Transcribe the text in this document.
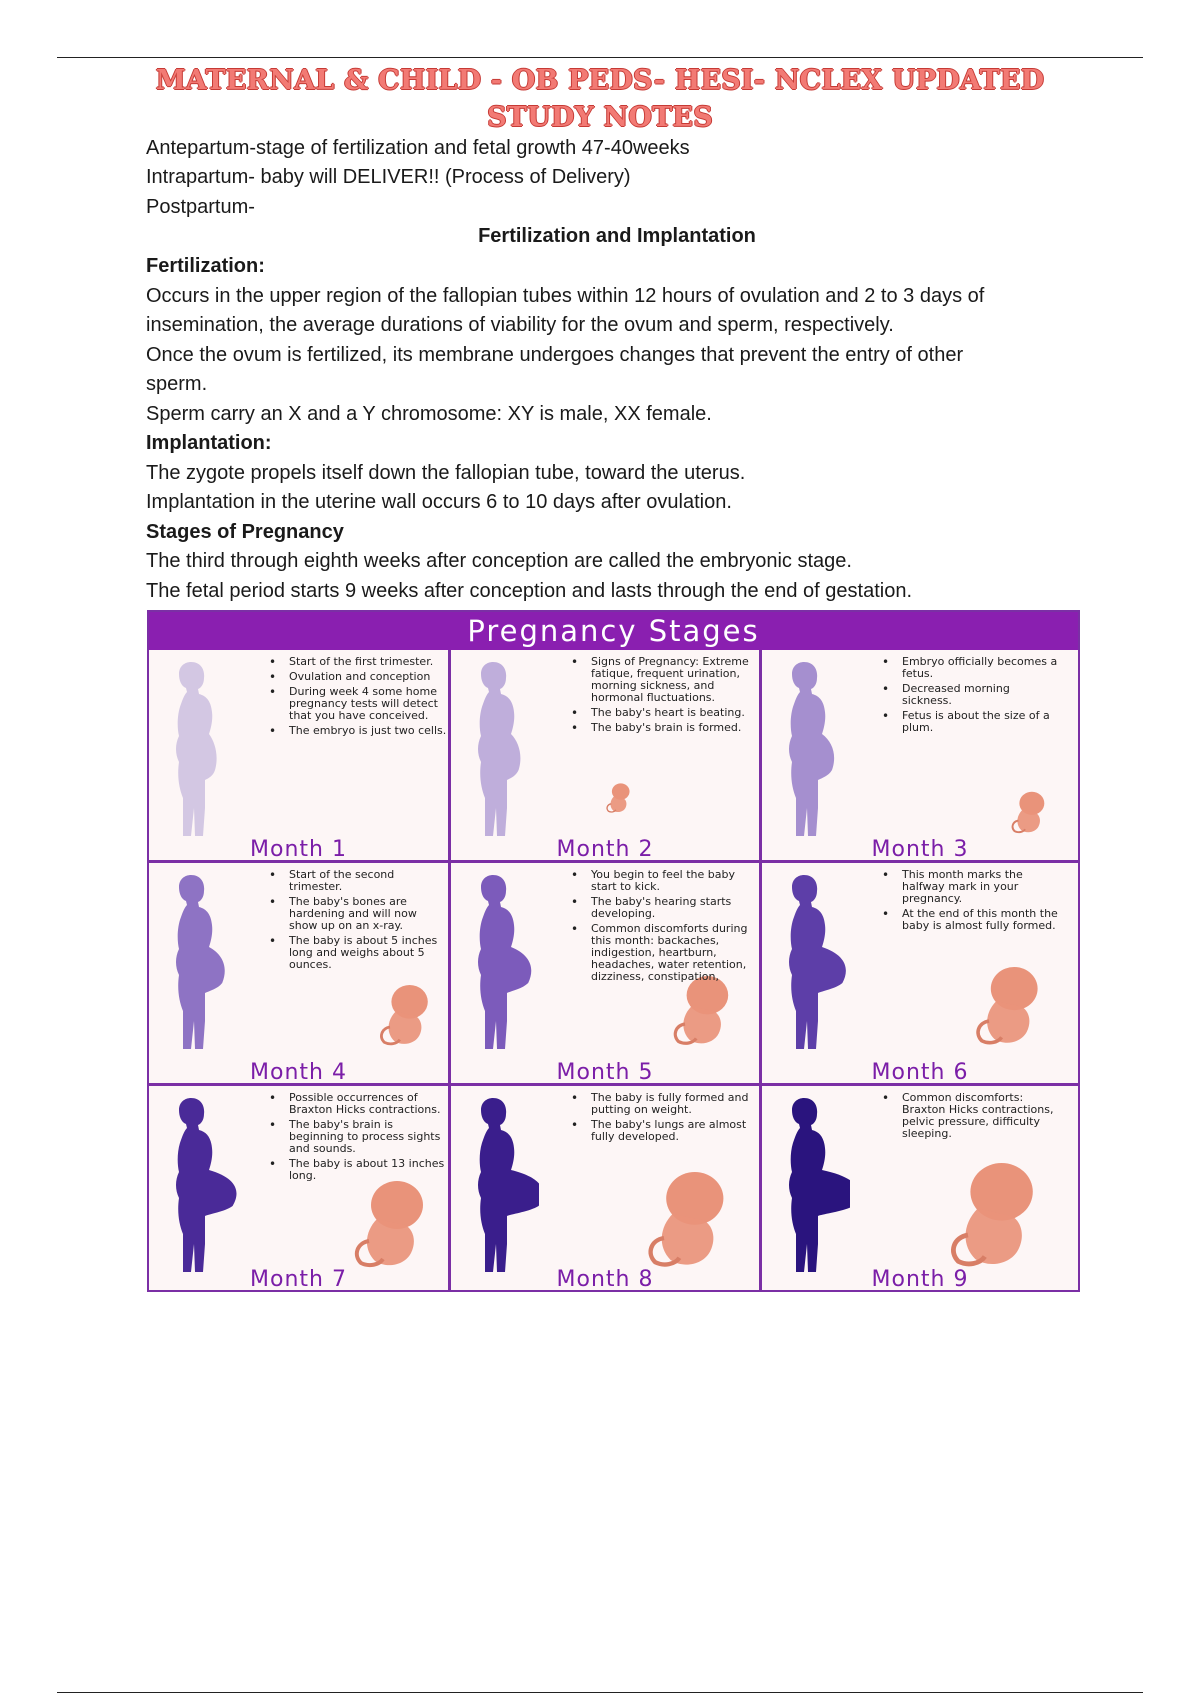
MATERNAL & CHILD - OB PEDS- HESI- NCLEX UPDATED
STUDY NOTES
Antepartum-stage of fertilization and fetal growth 47-40weeks
Intrapartum- baby will DELIVER!! (Process of Delivery)
Postpartum-
Fertilization and Implantation
Fertilization:
Occurs in the upper region of the fallopian tubes within 12 hours of ovulation and 2 to 3 days of
insemination, the average durations of viability for the ovum and sperm, respectively.
Once the ovum is fertilized, its membrane undergoes changes that prevent the entry of other
sperm.
Sperm carry an X and a Y chromosome: XY is male, XX female.
Implantation:
The zygote propels itself down the fallopian tube, toward the uterus.
Implantation in the uterine wall occurs 6 to 10 days after ovulation.
Stages of Pregnancy
The third through eighth weeks after conception are called the embryonic stage.
The fetal period starts 9 weeks after conception and lasts through the end of gestation.
Pregnancy Stages
• Start of the first trimester.
• Ovulation and conception
• During week 4 some home pregnancy tests will detect that you have conceived.
• The embryo is just two cells.
Month 1
• Signs of Pregnancy: Extreme fatique, frequent urination, morning sickness, and hormonal fluctuations.
• The baby's heart is beating.
• The baby's brain is formed.
Month 2
• Embryo officially becomes a fetus.
• Decreased morning sickness.
• Fetus is about the size of a plum.
Month 3
• Start of the second trimester.
• The baby's bones are hardening and will now show up on an x-ray.
• The baby is about 5 inches long and weighs about 5 ounces.
Month 4
• You begin to feel the baby start to kick.
• The baby's hearing starts developing.
• Common discomforts during this month: backaches, indigestion, heartburn, headaches, water retention, dizziness, constipation,
Month 5
• This month marks the halfway mark in your pregnancy.
• At the end of this month the baby is almost fully formed.
Month 6
• Possible occurrences of Braxton Hicks contractions.
• The baby's brain is beginning to process sights and sounds.
• The baby is about 13 inches long.
Month 7
• The baby is fully formed and putting on weight.
• The baby's lungs are almost fully developed.
Month 8
• Common discomforts: Braxton Hicks contractions, pelvic pressure, difficulty sleeping.
Month 9
